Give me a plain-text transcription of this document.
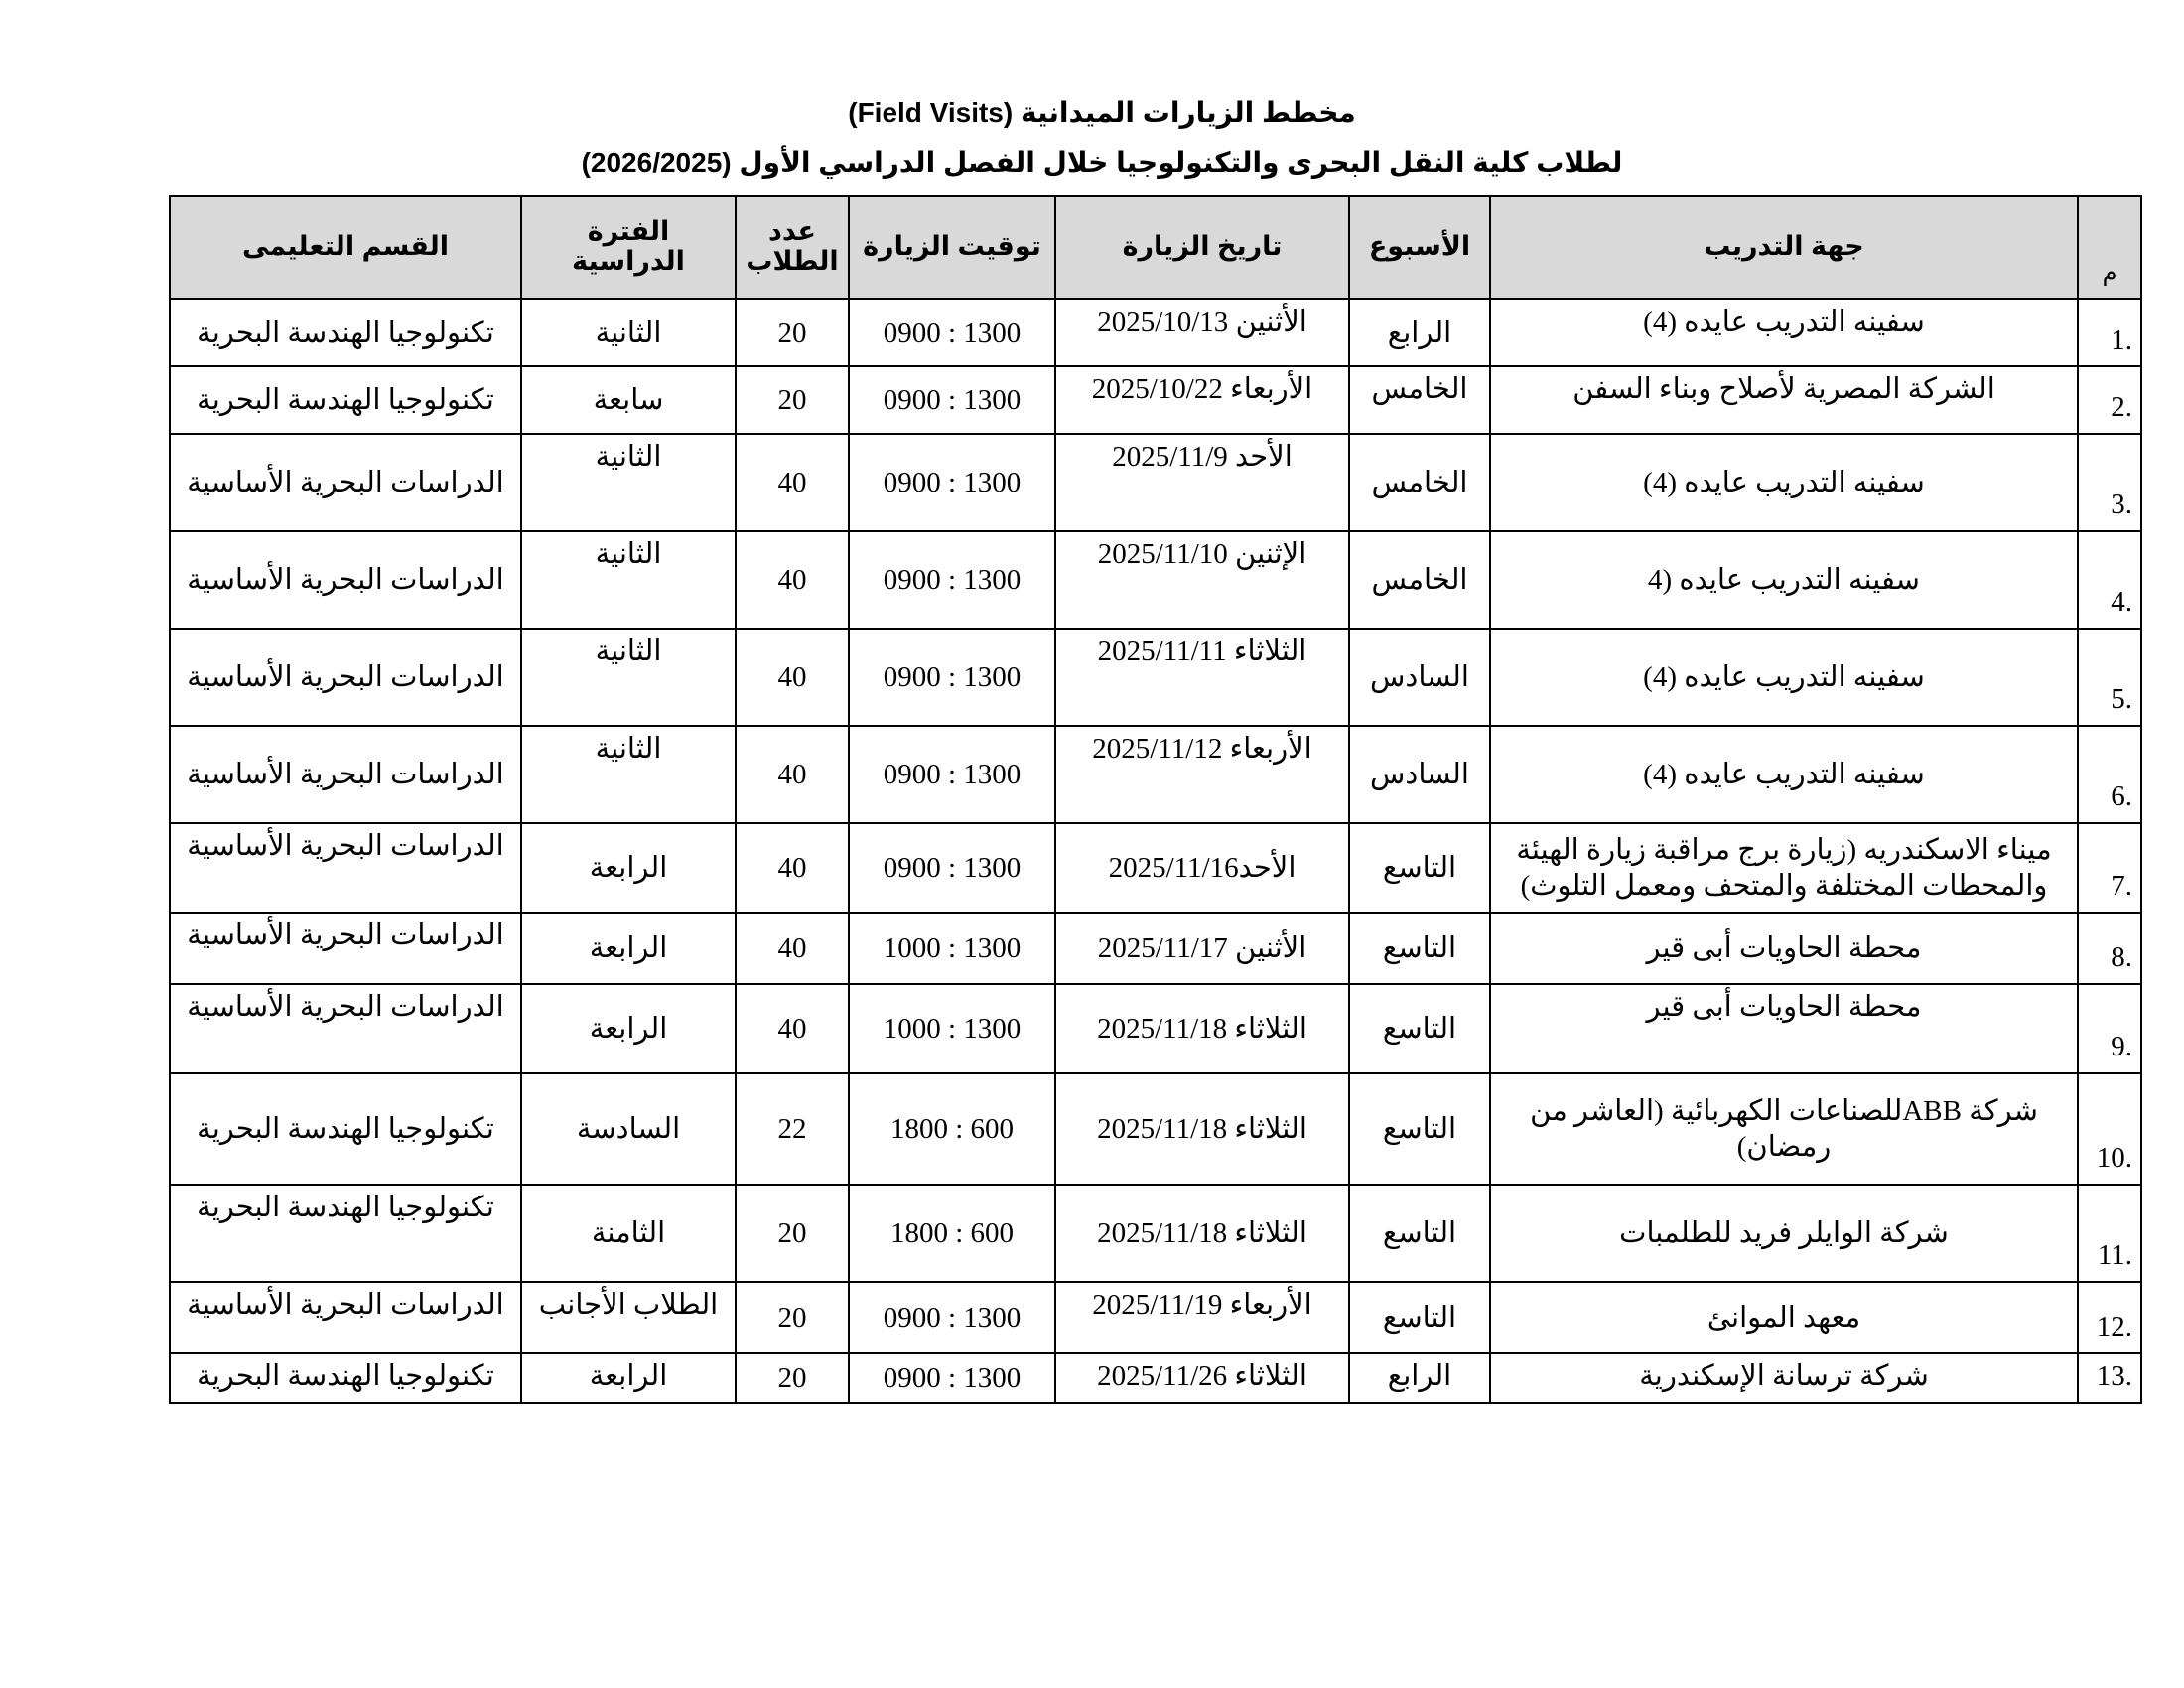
مخطط الزيارات الميدانية (Field Visits)
لطلاب كلية النقل البحرى والتكنولوجيا خلال الفصل الدراسي الأول (2026/2025)
م	جهة التدريب	الأسبوع	تاريخ الزيارة	توقيت الزيارة	عدد الطلاب	الفترة الدراسية	القسم التعليمى
1.	سفينه التدريب عايده (4)	الرابع	الأثنين 2025/10/13	0900 : 1300	20	الثانية	تكنولوجيا الهندسة البحرية
2.	الشركة المصرية لأصلاح وبناء السفن	الخامس	الأربعاء 2025/10/22	0900 : 1300	20	سابعة	تكنولوجيا الهندسة البحرية
3.	سفينه التدريب عايده (4)	الخامس	الأحد 2025/11/9	0900 : 1300	40	الثانية	الدراسات البحرية الأساسية
4.	سفينه التدريب عايده (4	الخامس	الإثنين 2025/11/10	0900 : 1300	40	الثانية	الدراسات البحرية الأساسية
5.	سفينه التدريب عايده (4)	السادس	الثلاثاء 2025/11/11	0900 : 1300	40	الثانية	الدراسات البحرية الأساسية
6.	سفينه التدريب عايده (4)	السادس	الأربعاء 2025/11/12	0900 : 1300	40	الثانية	الدراسات البحرية الأساسية
7.	ميناء الاسكندريه (زيارة برج مراقبة زيارة الهيئة والمحطات المختلفة والمتحف ومعمل التلوث)	التاسع	الأحد2025/11/16	0900 : 1300	40	الرابعة	الدراسات البحرية الأساسية
8.	محطة الحاويات أبى قير	التاسع	الأثنين 2025/11/17	1000 : 1300	40	الرابعة	الدراسات البحرية الأساسية
9.	محطة الحاويات أبى قير	التاسع	الثلاثاء 2025/11/18	1000 : 1300	40	الرابعة	الدراسات البحرية الأساسية
10.	شركة ABBللصناعات الكهربائية (العاشر من رمضان)	التاسع	الثلاثاء 2025/11/18	1800 : 600	22	السادسة	تكنولوجيا الهندسة البحرية
11.	شركة الوايلر فريد للطلمبات	التاسع	الثلاثاء 2025/11/18	1800 : 600	20	الثامنة	تكنولوجيا الهندسة البحرية
12.	معهد الموانئ	التاسع	الأربعاء 2025/11/19	0900 : 1300	20	الطلاب الأجانب	الدراسات البحرية الأساسية
13.	شركة ترسانة الإسكندرية	الرابع	الثلاثاء 2025/11/26	0900 : 1300	20	الرابعة	تكنولوجيا الهندسة البحرية
